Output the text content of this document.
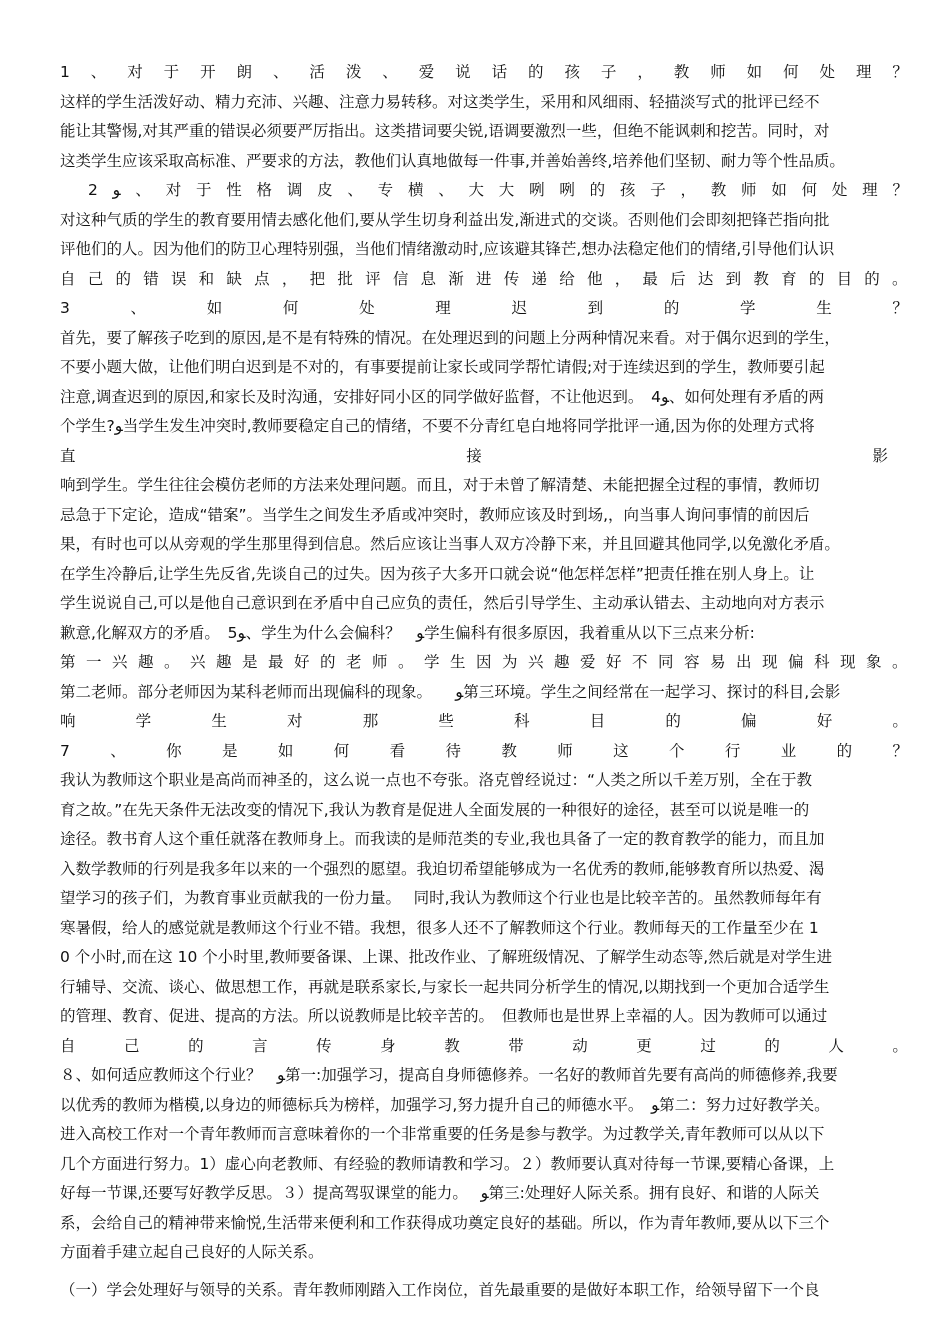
1 、 对 于 开 朗 、 活 泼 、 爱 说 话 的 孩 子 ， 教 师 如 何 处 理 ？
这样的学生活泼好动、精力充沛、兴趣、注意力易转移。对这类学生，采用和风细雨、轻描淡写式的批评已经不
能让其警惕,对其严重的错误必须要严厉指出。这类措词要尖锐,语调要激烈一些，但绝不能讽刺和挖苦。同时，对
这类学生应该采取高标准、严要求的方法，教他们认真地做每一件事,并善始善终,培养他们坚韧、耐力等个性品质。
2 ﻮ 、 对 于 性 格 调 皮 、 专 横 、 大 大 咧 咧 的 孩 子 ， 教 师 如 何 处 理 ？
对这种气质的学生的教育要用情去感化他们,要从学生切身利益出发,渐进式的交谈。否则他们会即刻把锋芒指向批
评他们的人。因为他们的防卫心理特别强，当他们情绪激动时,应该避其锋芒,想办法稳定他们的情绪,引导他们认识
自 己 的 错 误 和 缺 点 ， 把 批 评 信 息 渐 进 传 递 给 他 ， 最 后 达 到 教 育 的 目 的 。
3	、	如	何	处	理	迟	到	的	学	生	？
首先，要了解孩子吃到的原因,是不是有特殊的情况。在处理迟到的问题上分两种情况来看。对于偶尔迟到的学生，
不要小题大做，让他们明白迟到是不对的，有事要提前让家长或同学帮忙请假;对于连续迟到的学生，教师要引起
注意,调查迟到的原因,和家长及时沟通，安排好同小区的同学做好监督，不让他迟到。　4ﻮ、如何处理有矛盾的两
个学生?ﻮ当学生发生冲突时,教师要稳定自己的情绪，不要不分青红皂白地将同学批评一通,因为你的处理方式将
直	接	影
响到学生。学生往往会模仿老师的方法来处理问题。而且，对于未曾了解清楚、未能把握全过程的事情，教师切
忌急于下定论，造成“错案”。当学生之间发生矛盾或冲突时，教师应该及时到场,，向当事人询问事情的前因后
果，有时也可以从旁观的学生那里得到信息。然后应该让当事人双方冷静下来，并且回避其他同学,以免激化矛盾。
在学生冷静后,让学生先反省,先谈自己的过失。因为孩子大多开口就会说“他怎样怎样”把责任推在别人身上。让
学生说说自己,可以是他自己意识到在矛盾中自己应负的责任，然后引导学生、主动承认错去、主动地向对方表示
歉意,化解双方的矛盾。　5ﻮ、学生为什么会偏科？　ﻮ学生偏科有很多原因，我着重从以下三点来分析:
第 一 兴 趣 。 兴 趣 是 最 好 的 老 师 。 学 生 因 为 兴 趣 爱 好 不 同 容 易 出 现 偏 科 现 象 。
第二老师。部分老师因为某科老师而出现偏科的现象。　　ﻮ第三环境。学生之间经常在一起学习、探讨的科目,会影
响	学	生	对	那	些	科	目	的	偏	好	。
7	、	你	是	如	何	看	待	教	师	这	个	行	业	的	？
我认为教师这个职业是高尚而神圣的，这么说一点也不夸张。洛克曾经说过：“人类之所以千差万别，全在于教
育之故。”在先天条件无法改变的情况下,我认为教育是促进人全面发展的一种很好的途径，甚至可以说是唯一的
途径。教书育人这个重任就落在教师身上。而我读的是师范类的专业,我也具备了一定的教育教学的能力，而且加
入数学教师的行列是我多年以来的一个强烈的愿望。我迫切希望能够成为一名优秀的教师,能够教育所以热爱、渴
望学习的孩子们，为教育事业贡献我的一份力量。　 同时,我认为教师这个行业也是比较辛苦的。虽然教师每年有
寒暑假，给人的感觉就是教师这个行业不错。我想，很多人还不了解教师这个行业。教师每天的工作量至少在 1
0 个小时,而在这 10 个小时里,教师要备课、上课、批改作业、了解班级情况、了解学生动态等,然后就是对学生进
行辅导、交流、谈心、做思想工作，再就是联系家长,与家长一起共同分析学生的情况,以期找到一个更加合适学生
的管理、教育、促进、提高的方法。所以说教师是比较辛苦的。　但教师也是世界上幸福的人。因为教师可以通过
自	己	的	言	传	身	教	带	动	更	过	的	人	。
８、如何适应教师这个行业？　ﻮ第一:加强学习，提高自身师德修养。一名好的教师首先要有高尚的师德修养,我要
以优秀的教师为楷模,以身边的师德标兵为榜样，加强学习,努力提升自己的师德水平。　ﻮ第二：努力过好教学关。
进入高校工作对一个青年教师而言意味着你的一个非常重要的任务是参与教学。为过教学关,青年教师可以从以下
几个方面进行努力。1）虚心向老教师、有经验的教师请教和学习。２）教师要认真对待每一节课,要精心备课，上
好每一节课,还要写好教学反思。３）提高驾驭课堂的能力。　 ﻮ第三:处理好人际关系。拥有良好、和谐的人际关
系，会给自己的精神带来愉悦,生活带来便利和工作获得成功奠定良好的基础。所以，作为青年教师,要从以下三个
方面着手建立起自己良好的人际关系。
（一）学会处理好与领导的关系。青年教师刚踏入工作岗位，首先最重要的是做好本职工作，给领导留下一个良
